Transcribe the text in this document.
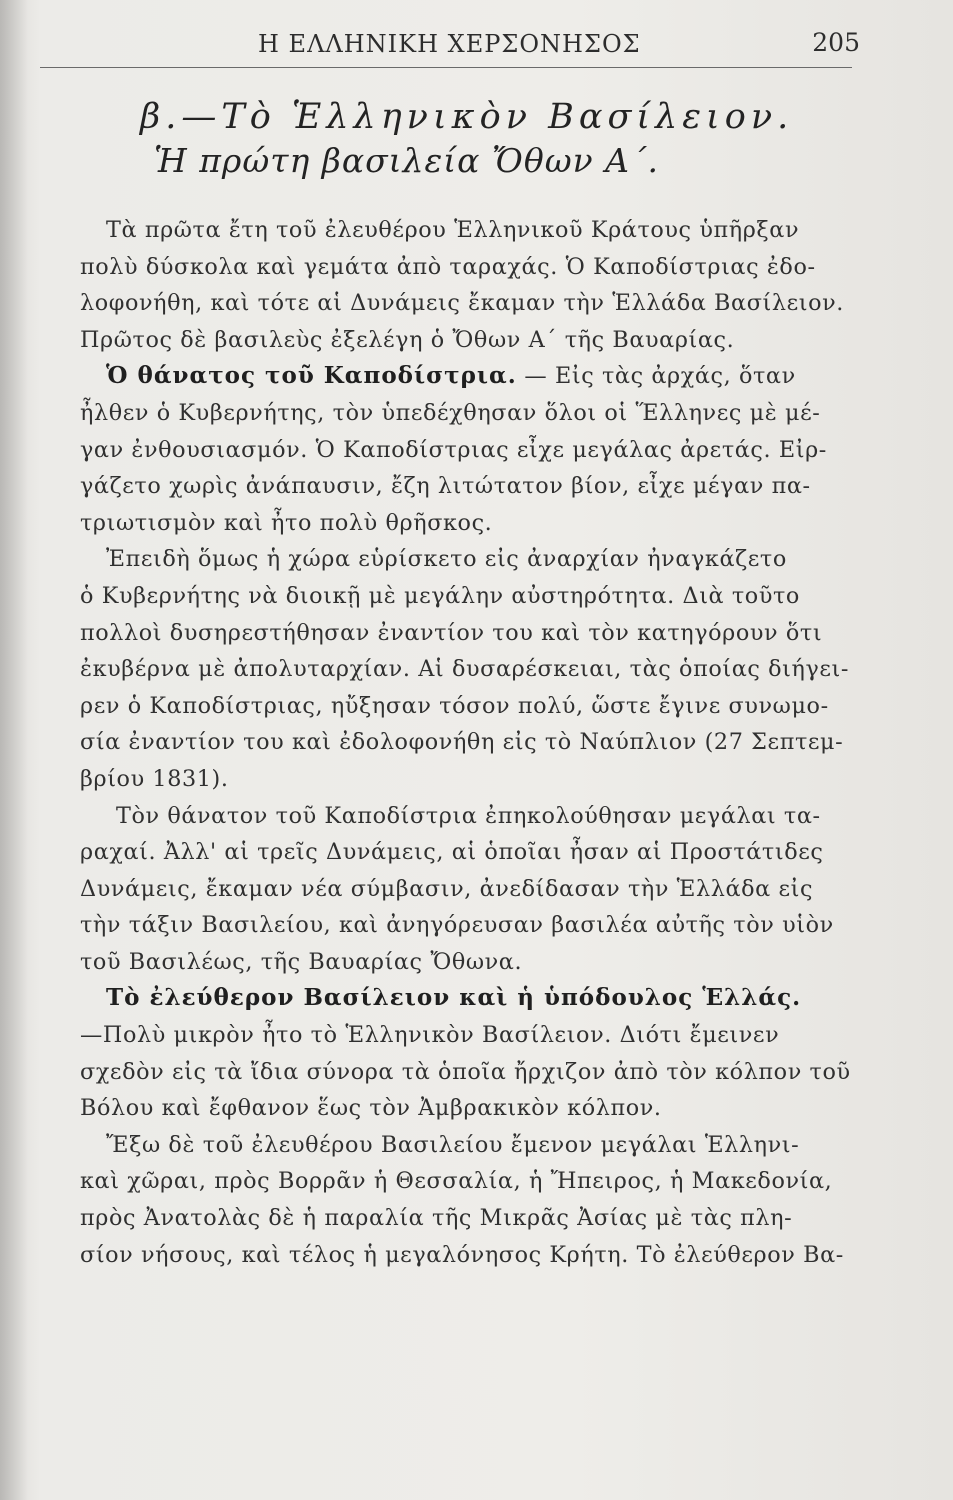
Η ΕΛΛΗΝΙΚΗ ΧΕΡΣΟΝΗΣΟΣ	205
β.—Τὸ Ἑλληνικὸν Βασίλειον.
Ἡ πρώτη βασιλεία Ὄθων Α΄.
Τὰ πρῶτα ἔτη τοῦ ἐλευθέρου Ἑλληνικοῦ Κράτους ὑπῆρξαν
πολὺ δύσκολα καὶ γεμάτα ἀπὸ ταραχάς. Ὁ Καποδίστριας ἐδο-
λοφονήθη, καὶ τότε αἱ Δυνάμεις ἔκαμαν τὴν Ἑλλάδα Βασίλειον.
Πρῶτος δὲ βασιλεὺς ἐξελέγη ὁ Ὄθων Α΄ τῆς Βαυαρίας.
Ὁ θάνατος τοῦ Καποδίστρια. — Εἰς τὰς ἀρχάς, ὅταν
ἦλθεν ὁ Κυβερνήτης, τὸν ὑπεδέχθησαν ὅλοι οἱ Ἕλληνες μὲ μέ-
γαν ἐνθουσιασμόν. Ὁ Καποδίστριας εἶχε μεγάλας ἀρετάς. Εἰρ-
γάζετο χωρὶς ἀνάπαυσιν, ἔζη λιτώτατον βίον, εἶχε μέγαν πα-
τριωτισμὸν καὶ ἦτο πολὺ θρῆσκος.
Ἐπειδὴ ὅμως ἡ χώρα εὑρίσκετο εἰς ἀναρχίαν ἠναγκάζετο
ὁ Κυβερνήτης νὰ διοικῇ μὲ μεγάλην αὐστηρότητα. Διὰ τοῦτο
πολλοὶ δυσηρεστήθησαν ἐναντίον του καὶ τὸν κατηγόρουν ὅτι
ἐκυβέρνα μὲ ἀπολυταρχίαν. Αἱ δυσαρέσκειαι, τὰς ὁποίας διήγει-
ρεν ὁ Καποδίστριας, ηὔξησαν τόσον πολύ, ὥστε ἔγινε συνωμο-
σία ἐναντίον του καὶ ἐδολοφονήθη εἰς τὸ Ναύπλιον (27 Σεπτεμ-
βρίου 1831).
Τὸν θάνατον τοῦ Καποδίστρια ἐπηκολούθησαν μεγάλαι τα-
ραχαί. Ἀλλ' αἱ τρεῖς Δυνάμεις, αἱ ὁποῖαι ἦσαν αἱ Προστάτιδες
Δυνάμεις, ἔκαμαν νέα σύμβασιν, ἀνεδίδασαν τὴν Ἑλλάδα εἰς
τὴν τάξιν Βασιλείου, καὶ ἀνηγόρευσαν βασιλέα αὐτῆς τὸν υἱὸν
τοῦ Βασιλέως, τῆς Βαυαρίας Ὄθωνα.
Τὸ ἐλεύθερον Βασίλειον καὶ ἡ ὑπόδουλος Ἑλλάς.
—Πολὺ μικρὸν ἦτο τὸ Ἑλληνικὸν Βασίλειον. Διότι ἔμεινεν
σχεδὸν εἰς τὰ ἴδια σύνορα τὰ ὁποῖα ἤρχιζον ἀπὸ τὸν κόλπον τοῦ
Βόλου καὶ ἔφθανον ἕως τὸν Ἀμβρακικὸν κόλπον.
Ἔξω δὲ τοῦ ἐλευθέρου Βασιλείου ἔμενον μεγάλαι Ἑλληνι-
καὶ χῶραι, πρὸς Βορρᾶν ἡ Θεσσαλία, ἡ Ἤπειρος, ἡ Μακεδονία,
πρὸς Ἀνατολὰς δὲ ἡ παραλία τῆς Μικρᾶς Ἀσίας μὲ τὰς πλη-
σίον νήσους, καὶ τέλος ἡ μεγαλόνησος Κρήτη. Τὸ ἐλεύθερον Βα-
